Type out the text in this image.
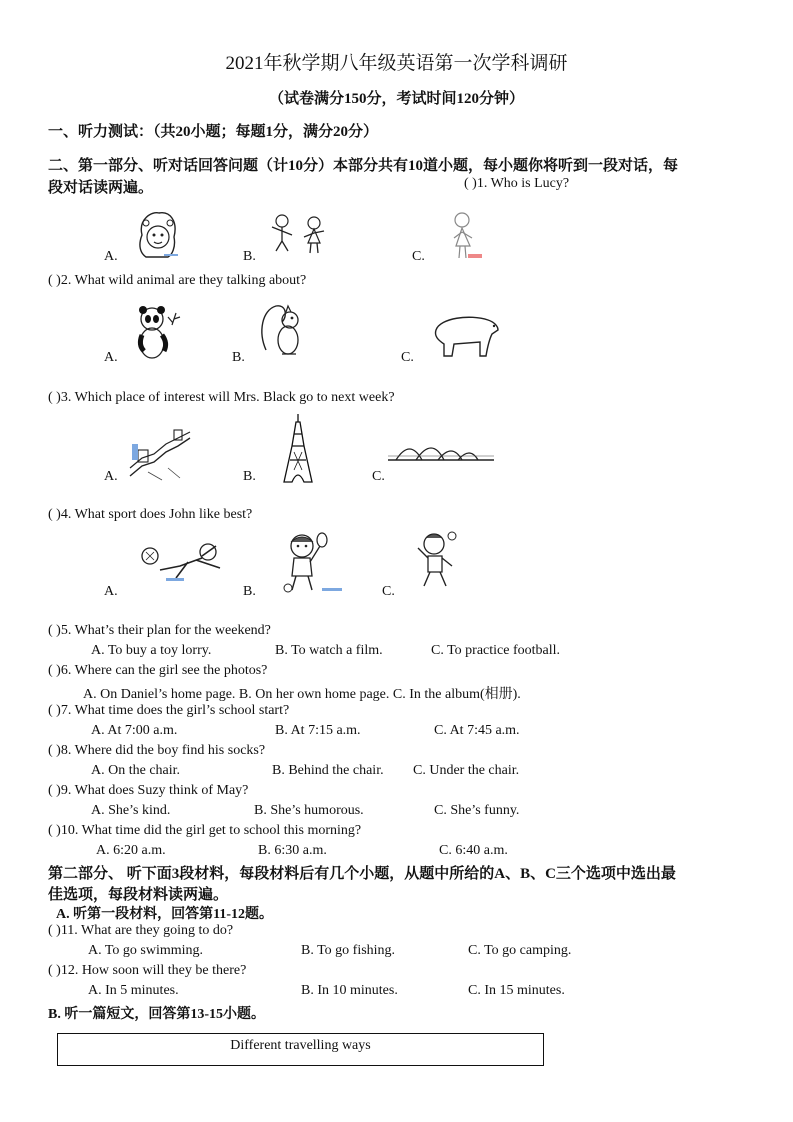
2021年秋学期八年级英语第一次学科调研
（试卷满分150分，考试时间120分钟）
一、听力测试：（共20小题；每题1分，满分20分）
二、第一部分、听对话回答问题（计10分）本部分共有10道小题，每小题你将听到一段对话，每
段对话读两遍。	( )1. Who is Lucy?
A.	B.	C.
( )2. What wild animal are they talking about?
A.	B.	C.
( )3. Which place of interest will Mrs. Black go to next week?
A.	B.	C.
( )4. What sport does John like best?
A.	B.	C.
( )5. What’s their plan for the weekend?
A. To buy a toy lorry.	B. To watch a film.	C. To practice football.
( )6. Where can the girl see the photos?
A. On Daniel’s home page. B. On her own home page. C. In the album(相册).
( )7. What time does the girl’s school start?
A. At 7:00 a.m.	B. At 7:15 a.m.	C. At 7:45 a.m.
( )8. Where did the boy find his socks?
A. On the chair.	B. Behind the chair. C. Under the chair.
( )9. What does Suzy think of May?
A. She’s kind.	B. She’s humorous.	C. She’s funny.
( )10. What time did the girl get to school this morning?
A. 6:20 a.m.	B. 6:30 a.m.	C. 6:40 a.m.
第二部分、 听下面3段材料，每段材料后有几个小题，从题中所给的A、B、C三个选项中选出最
佳选项，每段材料读两遍。
A. 听第一段材料，回答第11-12题。
( )11. What are they going to do?
A. To go swimming.	B. To go fishing.	C. To go camping.
( )12. How soon will they be there?
A. In 5 minutes.	B. In 10 minutes.	C. In 15 minutes.
B. 听一篇短文，回答第13-15小题。
Different travelling ways
